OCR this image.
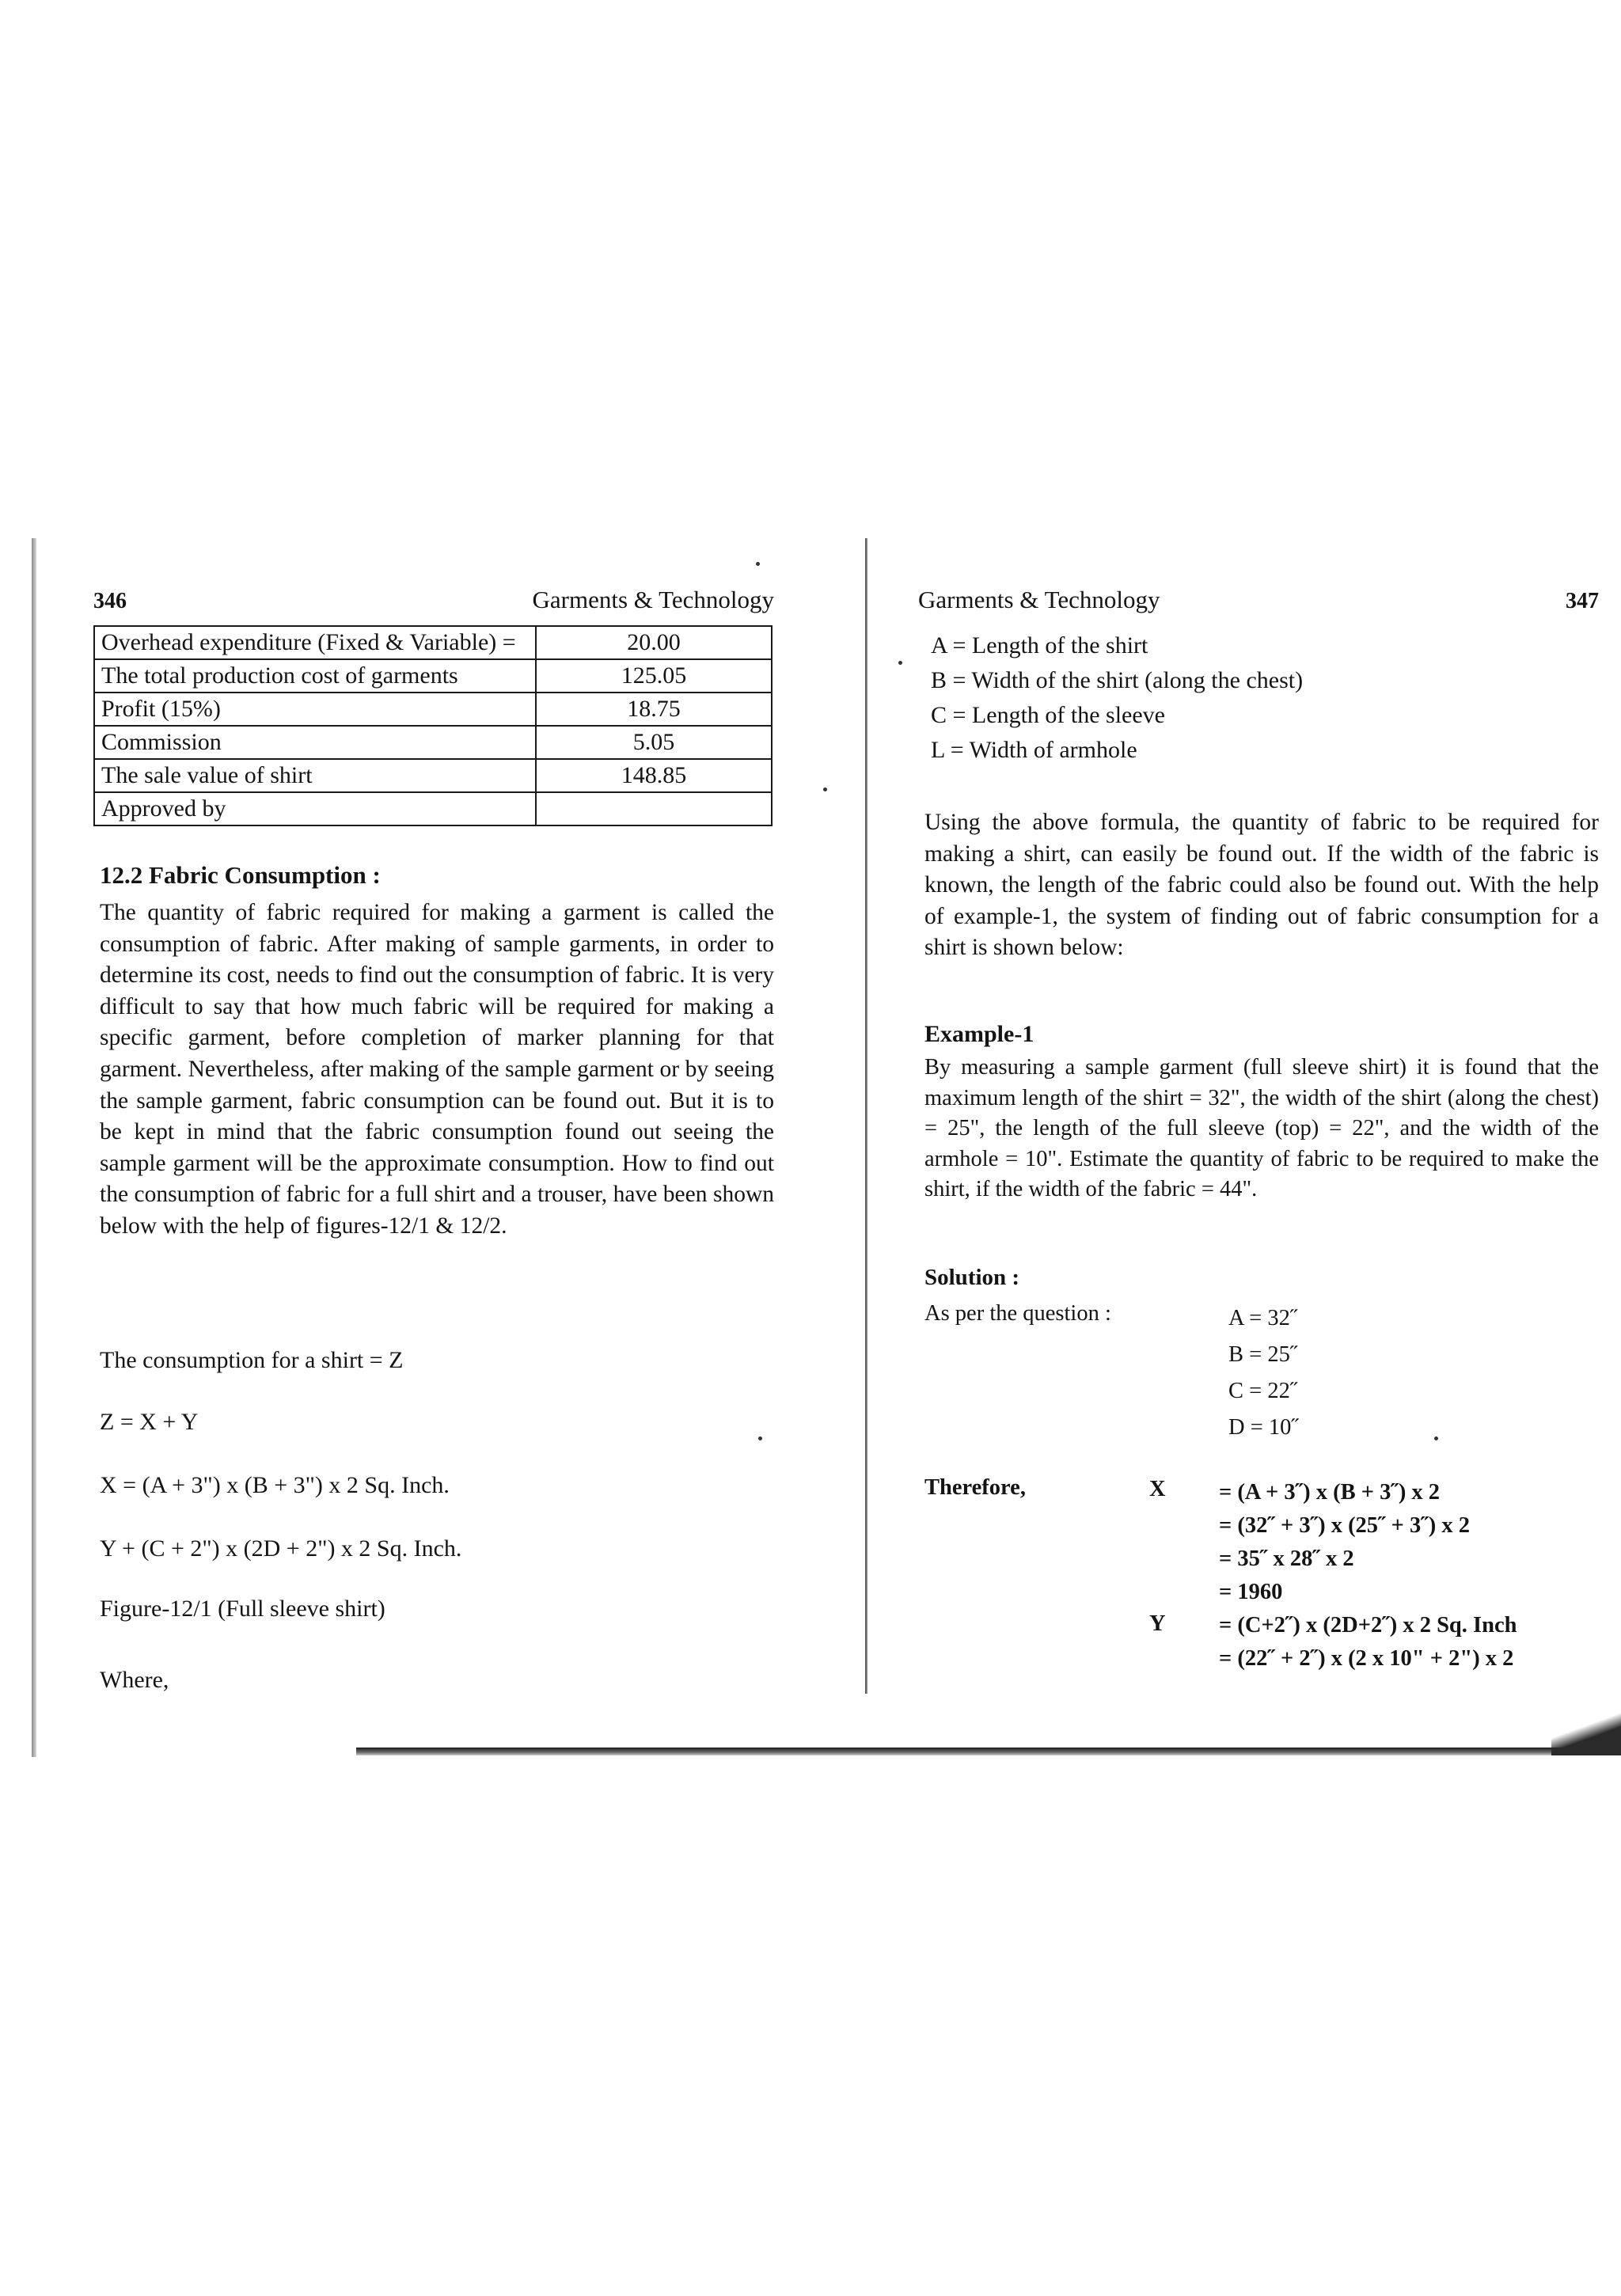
346	Garments & Technology
Overhead expenditure (Fixed & Variable) =	20.00
The total production cost of garments	125.05
Profit (15%)	18.75
Commission	5.05
The sale value of shirt	148.85
Approved by	
12.2 Fabric Consumption :

The quantity of fabric required for making a garment is called the consumption of fabric. After making of sample garments, in order to determine its cost, needs to find out the consumption of fabric. It is very difficult to say that how much fabric will be required for making a specific garment, before completion of marker planning for that garment. Nevertheless, after making of the sample garment or by seeing the sample garment, fabric consumption can be found out. But it is to be kept in mind that the fabric consumption found out seeing the sample garment will be the approximate consumption. How to find out the consumption of fabric for a full shirt and a trouser, have been shown below with the help of figures-12/1 & 12/2.

The consumption for a shirt = Z
Z = X + Y
X = (A + 3") x (B + 3") x 2 Sq. Inch.
Y + (C + 2") x (2D + 2") x 2 Sq. Inch.
Figure-12/1 (Full sleeve shirt)
Where,
Garments & Technology	347
A = Length of the shirt
B = Width of the shirt (along the chest)
C = Length of the sleeve
L = Width of armhole

Using the above formula, the quantity of fabric to be required for making a shirt, can easily be found out. If the width of the fabric is known, the length of the fabric could also be found out. With the help of example-1, the system of finding out of fabric consumption for a shirt is shown below:

Example-1
By measuring a sample garment (full sleeve shirt) it is found that the maximum length of the shirt = 32", the width of the shirt (along the chest) = 25", the length of the full sleeve (top) = 22", and the width of the armhole = 10". Estimate the quantity of fabric to be required to make the shirt, if the width of the fabric = 44".
Solution :
As per the question :	A = 32˝
B = 25˝
C = 22˝
D = 10˝
Therefore,	X = (A + 3˝) x (B + 3˝) x 2
= (32˝ + 3˝) x (25˝ + 3˝) x 2
= 35˝ x 28˝ x 2
= 1960
Y = (C+2˝) x (2D+2˝) x 2 Sq. Inch
= (22˝ + 2˝) x (2 x 10" + 2") x 2
